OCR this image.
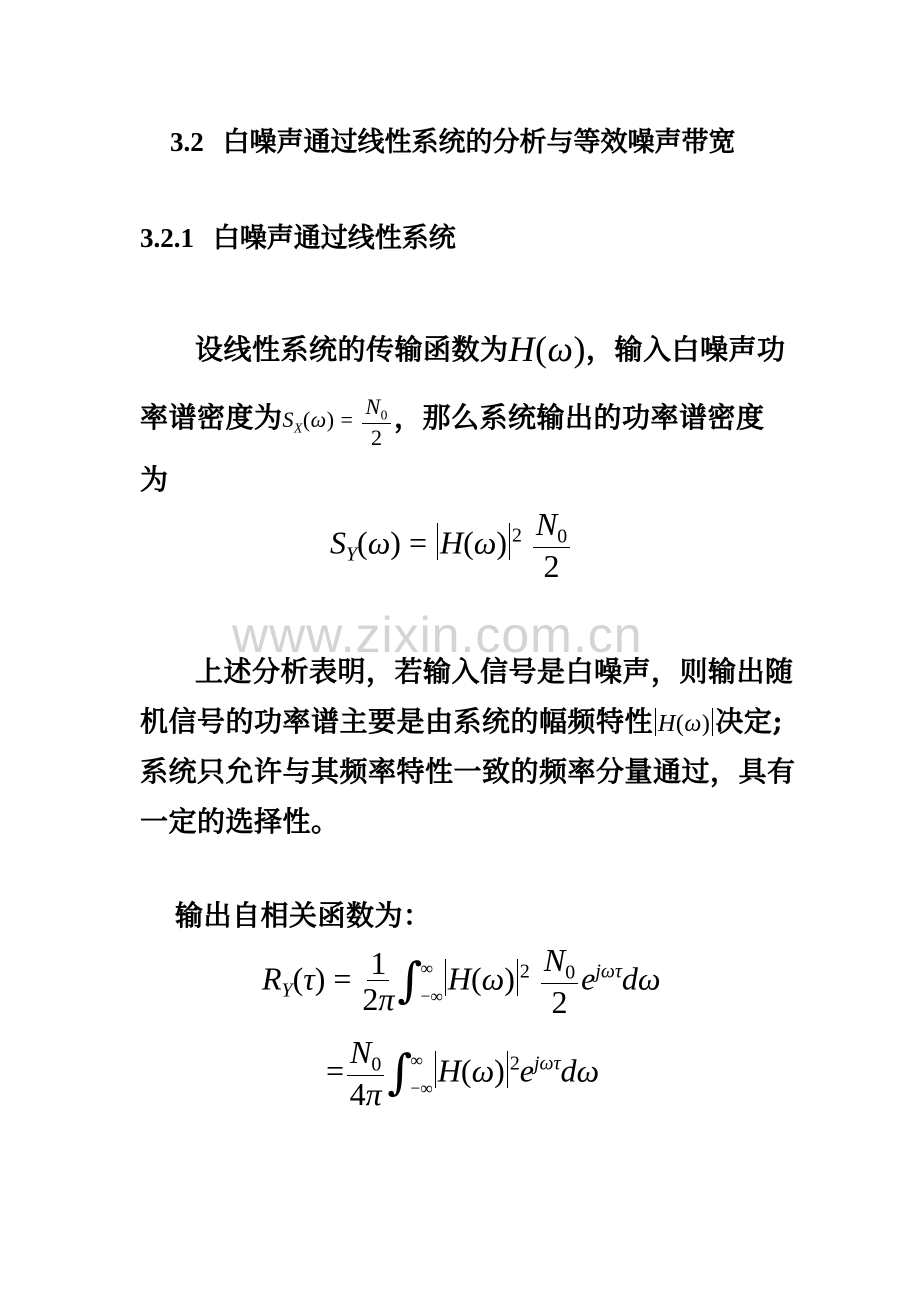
3.2 白噪声通过线性系统的分析与等效噪声带宽
3.2.1 白噪声通过线性系统
设线性系统的传输函数为H(ω)，输入白噪声功
率谱密度为$S_X(\omega) = \frac{N_0}{2}$ ，那么系统输出的功率谱密度
为
$S_Y(\omega) = H(\omega)$ $^2 \frac{N_0}{2}$
www.zixin.com.cn
上述分析表明，若输入信号是白噪声，则输出随
机信号的功率谱主要是由系统的幅频特性 H(ω) 决定;
系统只允许与其频率特性一致的频率分量通过，具有
一定的选择性。
输出自相关函数为：
$R_Y(\tau) = \frac{1}{2\pi}$ ∫
∞
−∞ H(ω) $^2 \frac{N_0}{2} e^{j\omega\tau}d\omega$
= $\frac{N_0}{4\pi}$ ∫
∞
−∞ H(ω) $^2e^{j\omega\tau}d\omega$
